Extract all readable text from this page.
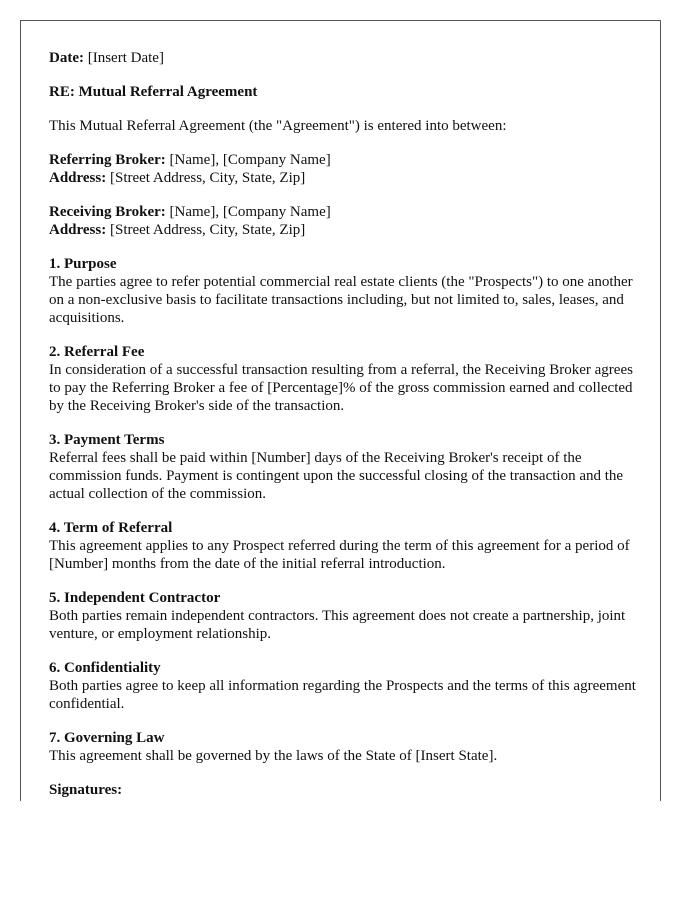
Date: [Insert Date]

RE: Mutual Referral Agreement

This Mutual Referral Agreement (the "Agreement") is entered into between:

Referring Broker: [Name], [Company Name]
Address: [Street Address, City, State, Zip]

Receiving Broker: [Name], [Company Name]
Address: [Street Address, City, State, Zip]

1. Purpose
The parties agree to refer potential commercial real estate clients (the "Prospects") to one another on a non-exclusive basis to facilitate transactions including, but not limited to, sales, leases, and acquisitions.

2. Referral Fee
In consideration of a successful transaction resulting from a referral, the Receiving Broker agrees to pay the Referring Broker a fee of [Percentage]% of the gross commission earned and collected by the Receiving Broker's side of the transaction.

3. Payment Terms
Referral fees shall be paid within [Number] days of the Receiving Broker's receipt of the commission funds. Payment is contingent upon the successful closing of the transaction and the actual collection of the commission.

4. Term of Referral
This agreement applies to any Prospect referred during the term of this agreement for a period of [Number] months from the date of the initial referral introduction.

5. Independent Contractor
Both parties remain independent contractors. This agreement does not create a partnership, joint venture, or employment relationship.

6. Confidentiality
Both parties agree to keep all information regarding the Prospects and the terms of this agreement confidential.

7. Governing Law
This agreement shall be governed by the laws of the State of [Insert State].

Signatures:
